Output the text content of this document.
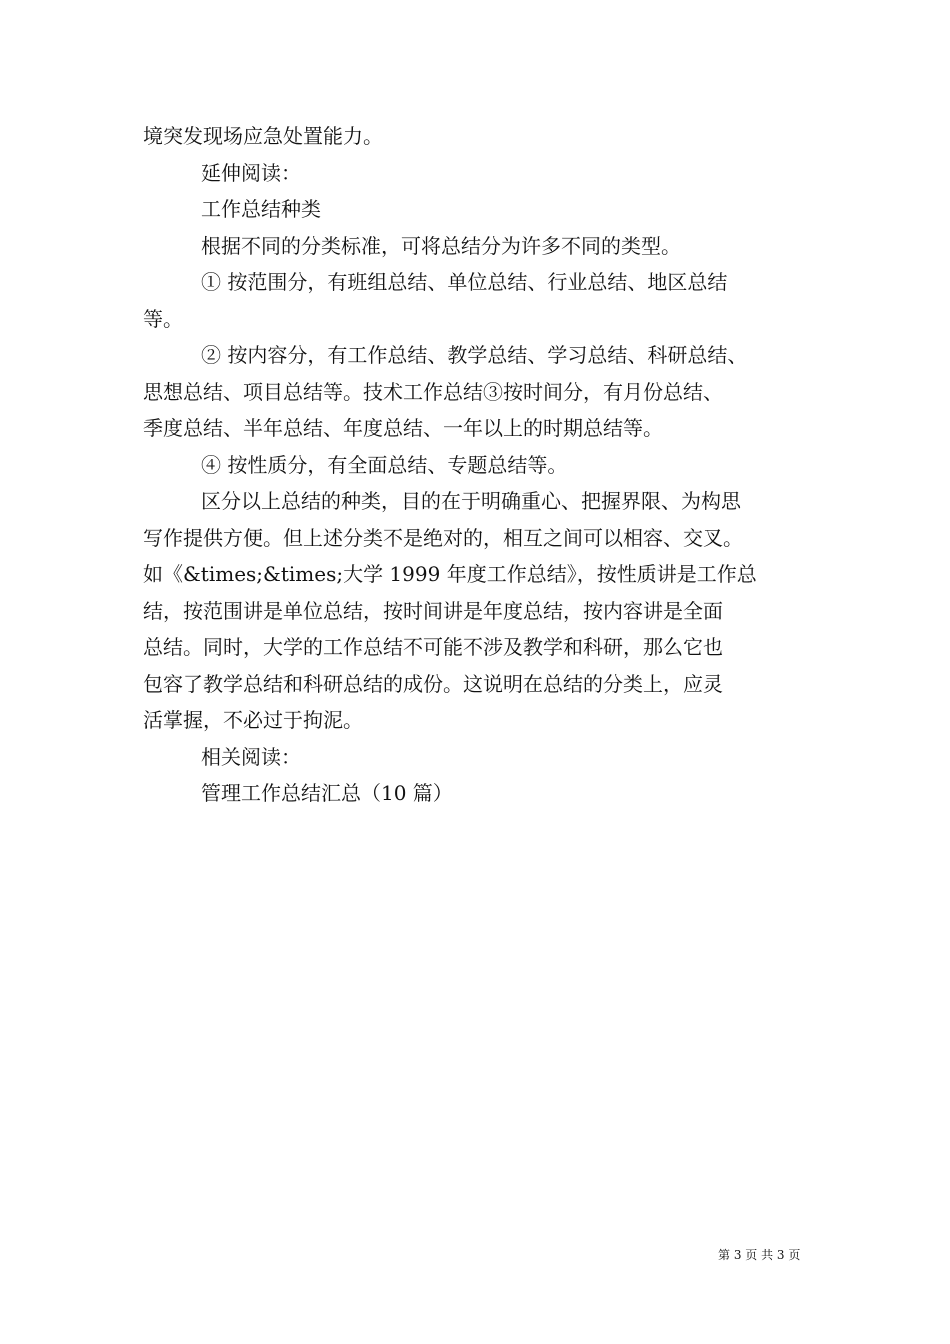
境突发现场应急处置能力。
延伸阅读：
工作总结种类
根据不同的分类标准，可将总结分为许多不同的类型。
① 按范围分，有班组总结、单位总结、行业总结、地区总结
等。
② 按内容分，有工作总结、教学总结、学习总结、科研总结、
思想总结、项目总结等。技术工作总结③按时间分，有月份总结、
季度总结、半年总结、年度总结、一年以上的时期总结等。
④ 按性质分，有全面总结、专题总结等。
区分以上总结的种类，目的在于明确重心、把握界限、为构思
写作提供方便。但上述分类不是绝对的，相互之间可以相容、交叉。
如《&times;&times;大学 1999 年度工作总结》，按性质讲是工作总
结，按范围讲是单位总结，按时间讲是年度总结，按内容讲是全面
总结。同时，大学的工作总结不可能不涉及教学和科研，那么它也
包容了教学总结和科研总结的成份。这说明在总结的分类上，应灵
活掌握，不必过于拘泥。
相关阅读：
管理工作总结汇总（10 篇）
第 3 页 共 3 页
